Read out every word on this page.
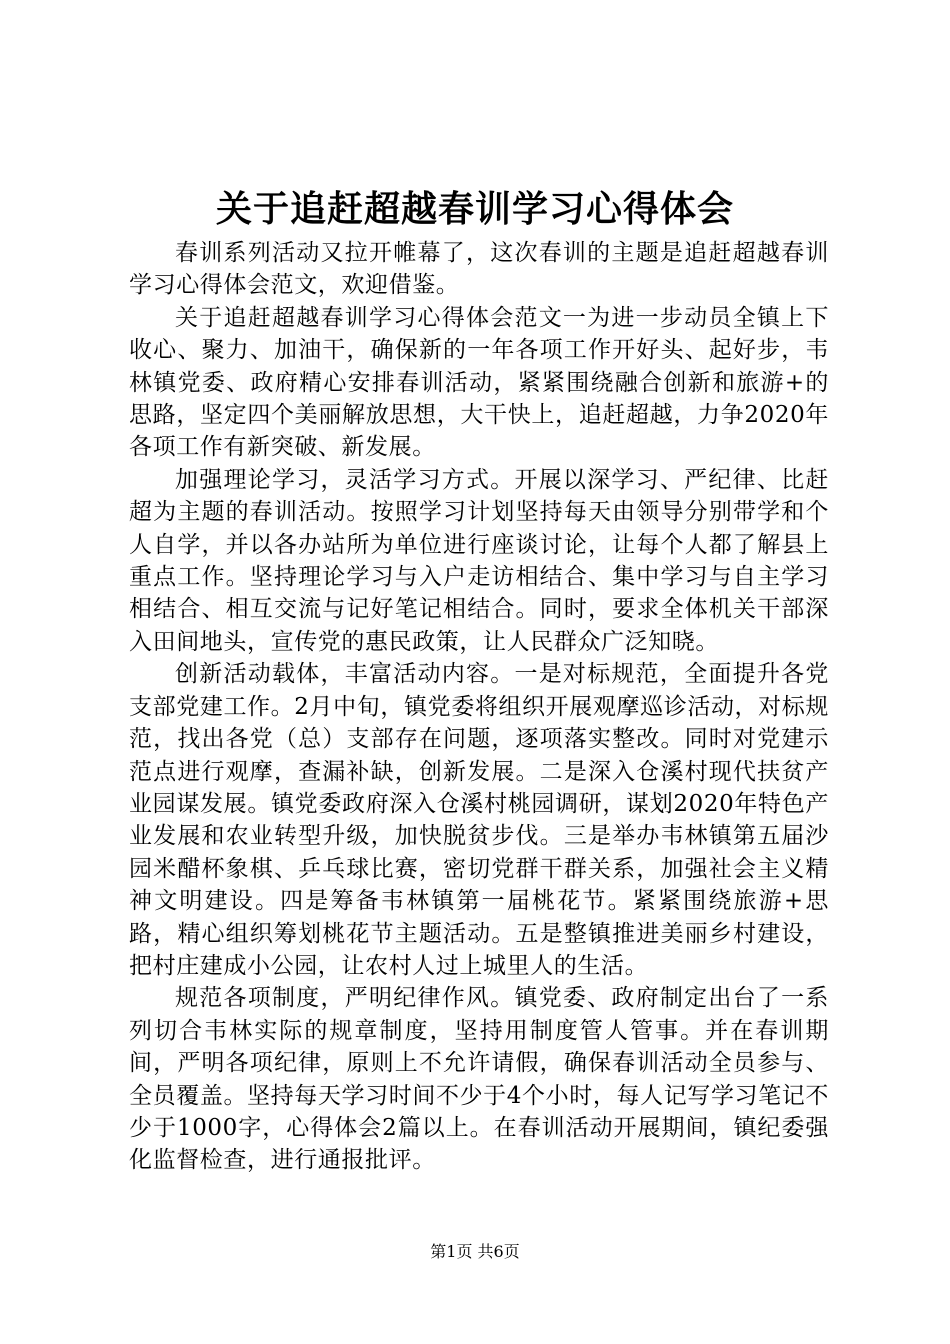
关于追赶超越春训学习心得体会

春训系列活动又拉开帷幕了，这次春训的主题是追赶超越春训学习心得体会范文，欢迎借鉴。

关于追赶超越春训学习心得体会范文一为进一步动员全镇上下收心、聚力、加油干，确保新的一年各项工作开好头、起好步，韦林镇党委、政府精心安排春训活动，紧紧围绕融合创新和旅游+的思路，坚定四个美丽解放思想，大干快上，追赶超越，力争2020年各项工作有新突破、新发展。

加强理论学习，灵活学习方式。开展以深学习、严纪律、比赶超为主题的春训活动。按照学习计划坚持每天由领导分别带学和个人自学，并以各办站所为单位进行座谈讨论，让每个人都了解县上重点工作。坚持理论学习与入户走访相结合、集中学习与自主学习相结合、相互交流与记好笔记相结合。同时，要求全体机关干部深入田间地头，宣传党的惠民政策，让人民群众广泛知晓。

创新活动载体，丰富活动内容。一是对标规范，全面提升各党支部党建工作。2月中旬，镇党委将组织开展观摩巡诊活动，对标规范，找出各党（总）支部存在问题，逐项落实整改。同时对党建示范点进行观摩，查漏补缺，创新发展。二是深入仓溪村现代扶贫产业园谋发展。镇党委政府深入仓溪村桃园调研，谋划2020年特色产业发展和农业转型升级，加快脱贫步伐。三是举办韦林镇第五届沙园米醋杯象棋、乒乓球比赛，密切党群干群关系，加强社会主义精神文明建设。四是筹备韦林镇第一届桃花节。紧紧围绕旅游+思路，精心组织筹划桃花节主题活动。五是整镇推进美丽乡村建设，把村庄建成小公园，让农村人过上城里人的生活。

规范各项制度，严明纪律作风。镇党委、政府制定出台了一系列切合韦林实际的规章制度，坚持用制度管人管事。并在春训期间，严明各项纪律，原则上不允许请假，确保春训活动全员参与、全员覆盖。坚持每天学习时间不少于4个小时，每人记写学习笔记不少于1000字，心得体会2篇以上。在春训活动开展期间，镇纪委强化监督检查，进行通报批评。

第1页 共6页
